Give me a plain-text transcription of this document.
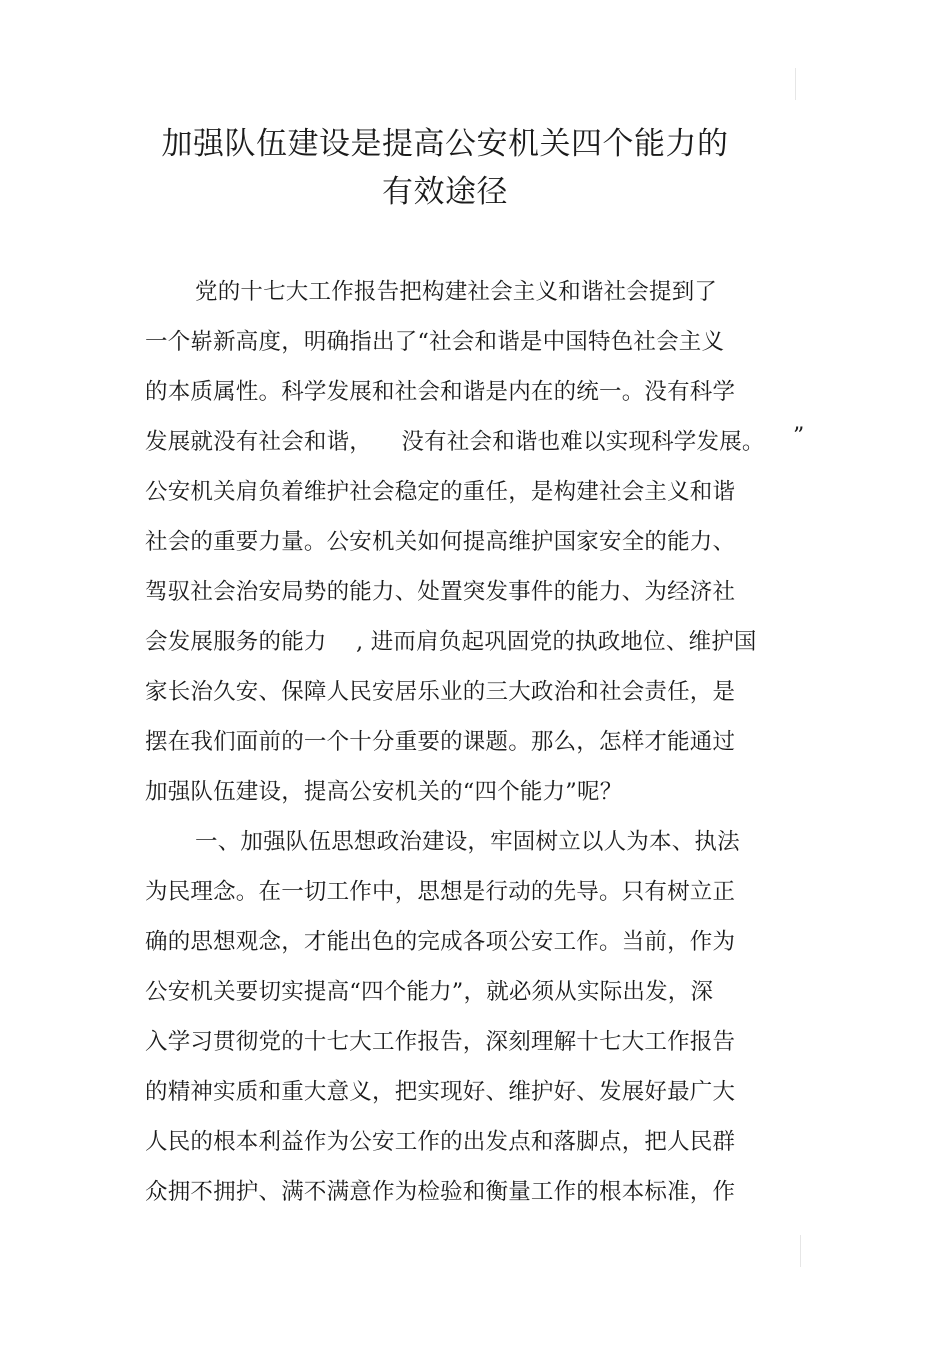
加强队伍建设是提高公安机关四个能力的
有效途径
党的十七大工作报告把构建社会主义和谐社会提到了
一个崭新高度，明确指出了“社会和谐是中国特色社会主义
的本质属性。科学发展和社会和谐是内在的统一。没有科学
发展就没有社会和谐，    没有社会和谐也难以实现科学发展。
公安机关肩负着维护社会稳定的重任，是构建社会主义和谐
社会的重要力量。公安机关如何提高维护国家安全的能力、
驾驭社会治安局势的能力、处置突发事件的能力、为经济社
会发展服务的能力    , 进而肩负起巩固党的执政地位、维护国
家长治久安、保障人民安居乐业的三大政治和社会责任，是
摆在我们面前的一个十分重要的课题。那么，怎样才能通过
加强队伍建设，提高公安机关的“四个能力”呢？
一、加强队伍思想政治建设，牢固树立以人为本、执法
为民理念。在一切工作中，思想是行动的先导。只有树立正
确的思想观念，才能出色的完成各项公安工作。当前，作为
公安机关要切实提高“四个能力”，就必须从实际出发，深
入学习贯彻党的十七大工作报告，深刻理解十七大工作报告
的精神实质和重大意义，把实现好、维护好、发展好最广大
人民的根本利益作为公安工作的出发点和落脚点，把人民群
众拥不拥护、满不满意作为检验和衡量工作的根本标准，作
”
